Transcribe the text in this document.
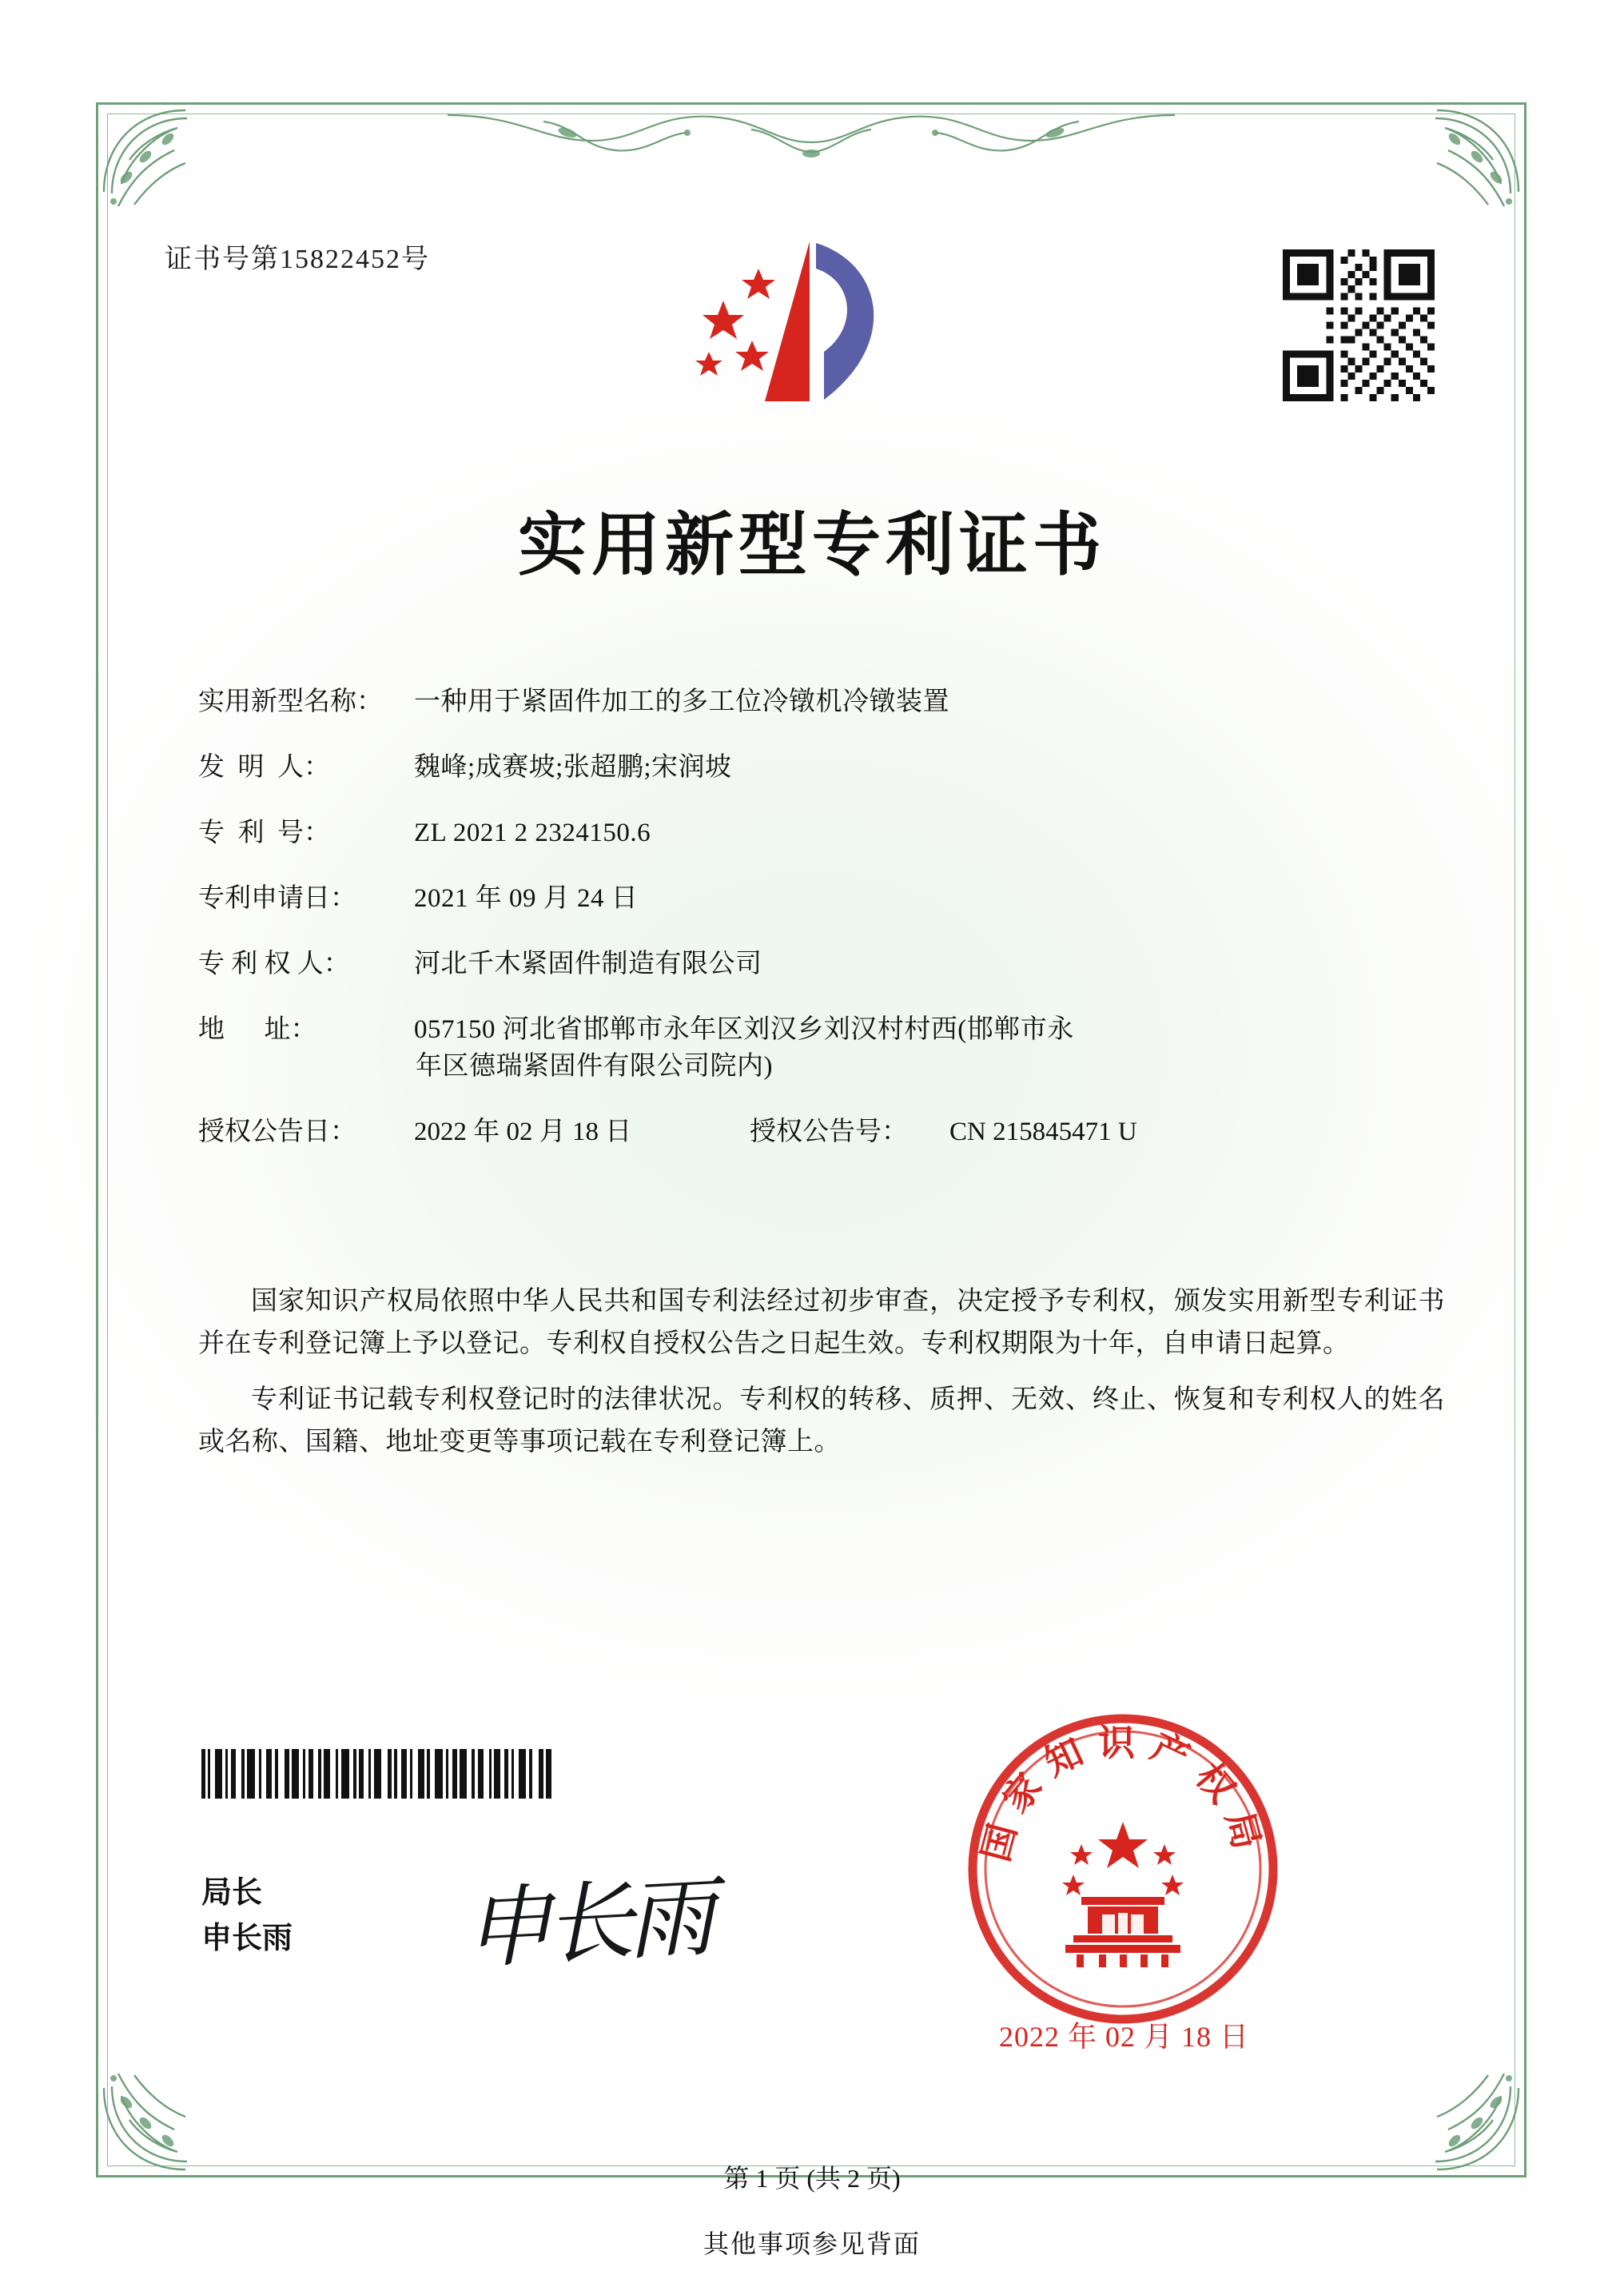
证书号第15822452号
实用新型专利证书
实用新型名称：	一种用于紧固件加工的多工位冷镦机冷镦装置
发  明  人：	魏峰;成赛坡;张超鹏;宋润坡
专  利  号：	ZL 2021 2 2324150.6
专利申请日：	2021 年 09 月 24 日
专 利 权 人：	河北千木紧固件制造有限公司
地      址：	057150 河北省邯郸市永年区刘汉乡刘汉村村西(邯郸市永
年区德瑞紧固件有限公司院内)
授权公告日：	2022 年 02 月 18 日	授权公告号：	CN 215845471 U

国家知识产权局依照中华人民共和国专利法经过初步审查，决定授予专利权，颁发实用新型专利证书并在专利登记簿上予以登记。专利权自授权公告之日起生效。专利权期限为十年，自申请日起算。

专利证书记载专利权登记时的法律状况。专利权的转移、质押、无效、终止、恢复和专利权人的姓名或名称、国籍、地址变更等事项记载在专利登记簿上。

局长
申长雨 申长雨
国家知识产权局
2022 年 02 月 18 日
第 1 页 (共 2 页)
其他事项参见背面
